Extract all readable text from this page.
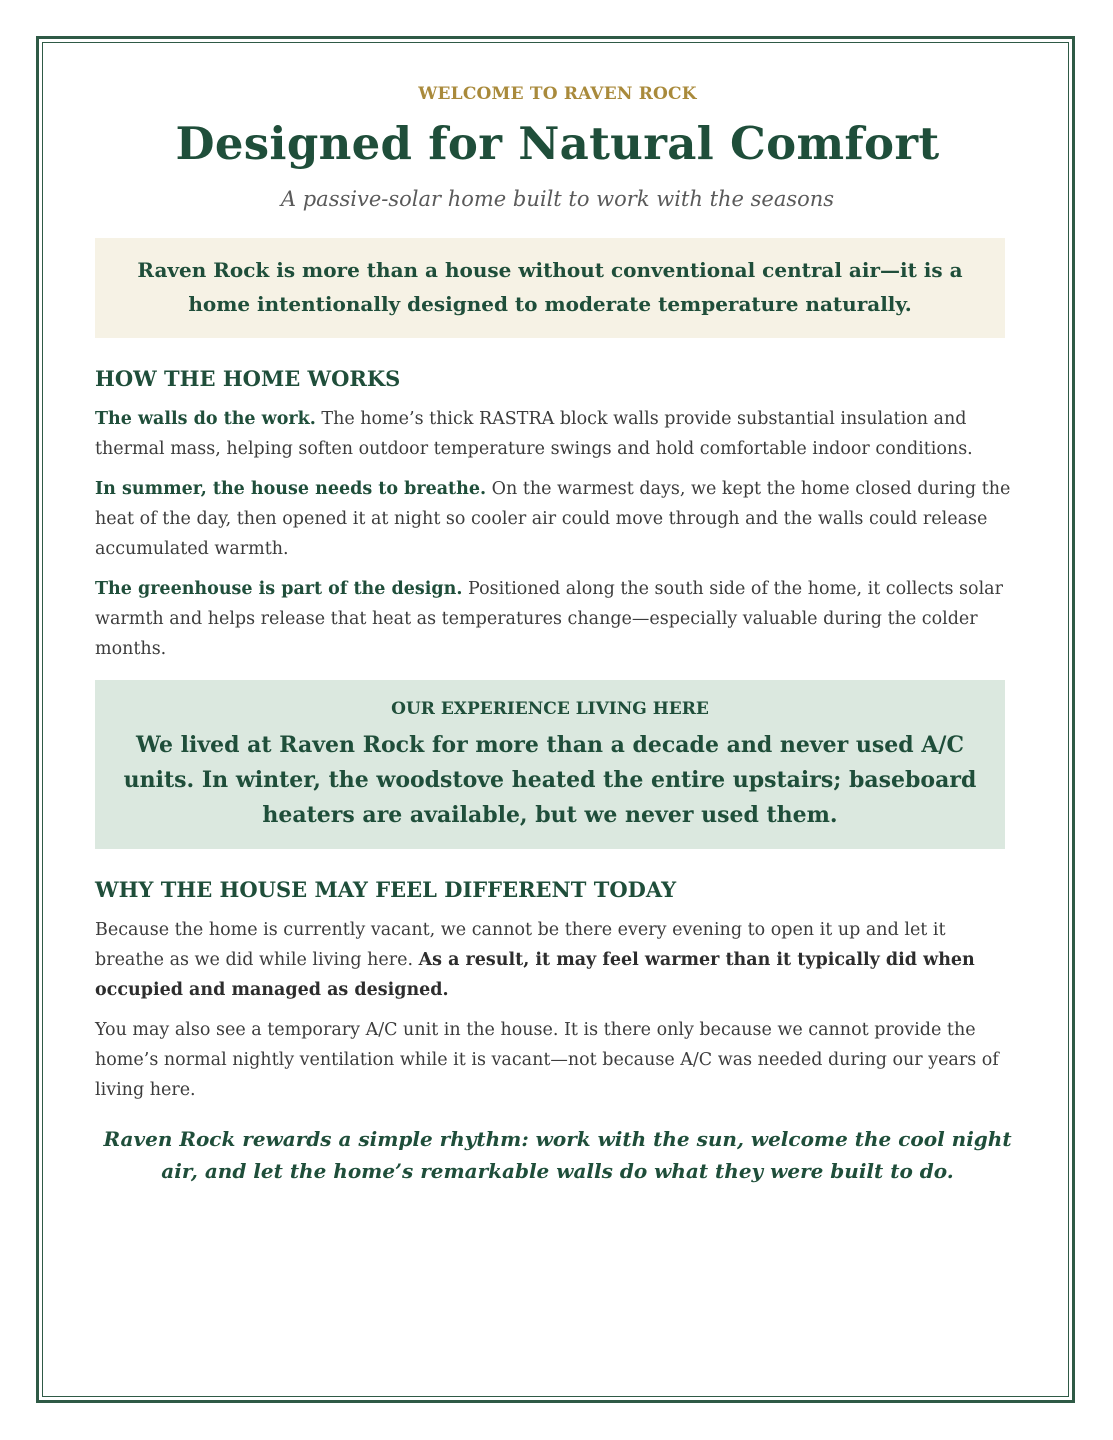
WELCOME TO RAVEN ROCK

Designed for Natural Comfort

A passive-solar home built to work with the seasons

Raven Rock is more than a house without conventional central air—it is a home intentionally designed to moderate temperature naturally.
HOW THE HOME WORKS

The walls do the work. The home’s thick RASTRA block walls provide substantial insulation and thermal mass, helping soften outdoor temperature swings and hold comfortable indoor conditions.

In summer, the house needs to breathe. On the warmest days, we kept the home closed during the heat of the day, then opened it at night so cooler air could move through and the walls could release accumulated warmth.

The greenhouse is part of the design. Positioned along the south side of the home, it collects solar warmth and helps release that heat as temperatures change—especially valuable during the colder months.

OUR EXPERIENCE LIVING HERE
We lived at Raven Rock for more than a decade and never used A/C units. In winter, the woodstove heated the entire upstairs; baseboard heaters are available, but we never used them.
WHY THE HOUSE MAY FEEL DIFFERENT TODAY

Because the home is currently vacant, we cannot be there every evening to open it up and let it breathe as we did while living here. As a result, it may feel warmer than it typically did when occupied and managed as designed.

You may also see a temporary A/C unit in the house. It is there only because we cannot provide the home’s normal nightly ventilation while it is vacant—not because A/C was needed during our years of living here.

Raven Rock rewards a simple rhythm: work with the sun, welcome the cool night air, and let the home’s remarkable walls do what they were built to do.
